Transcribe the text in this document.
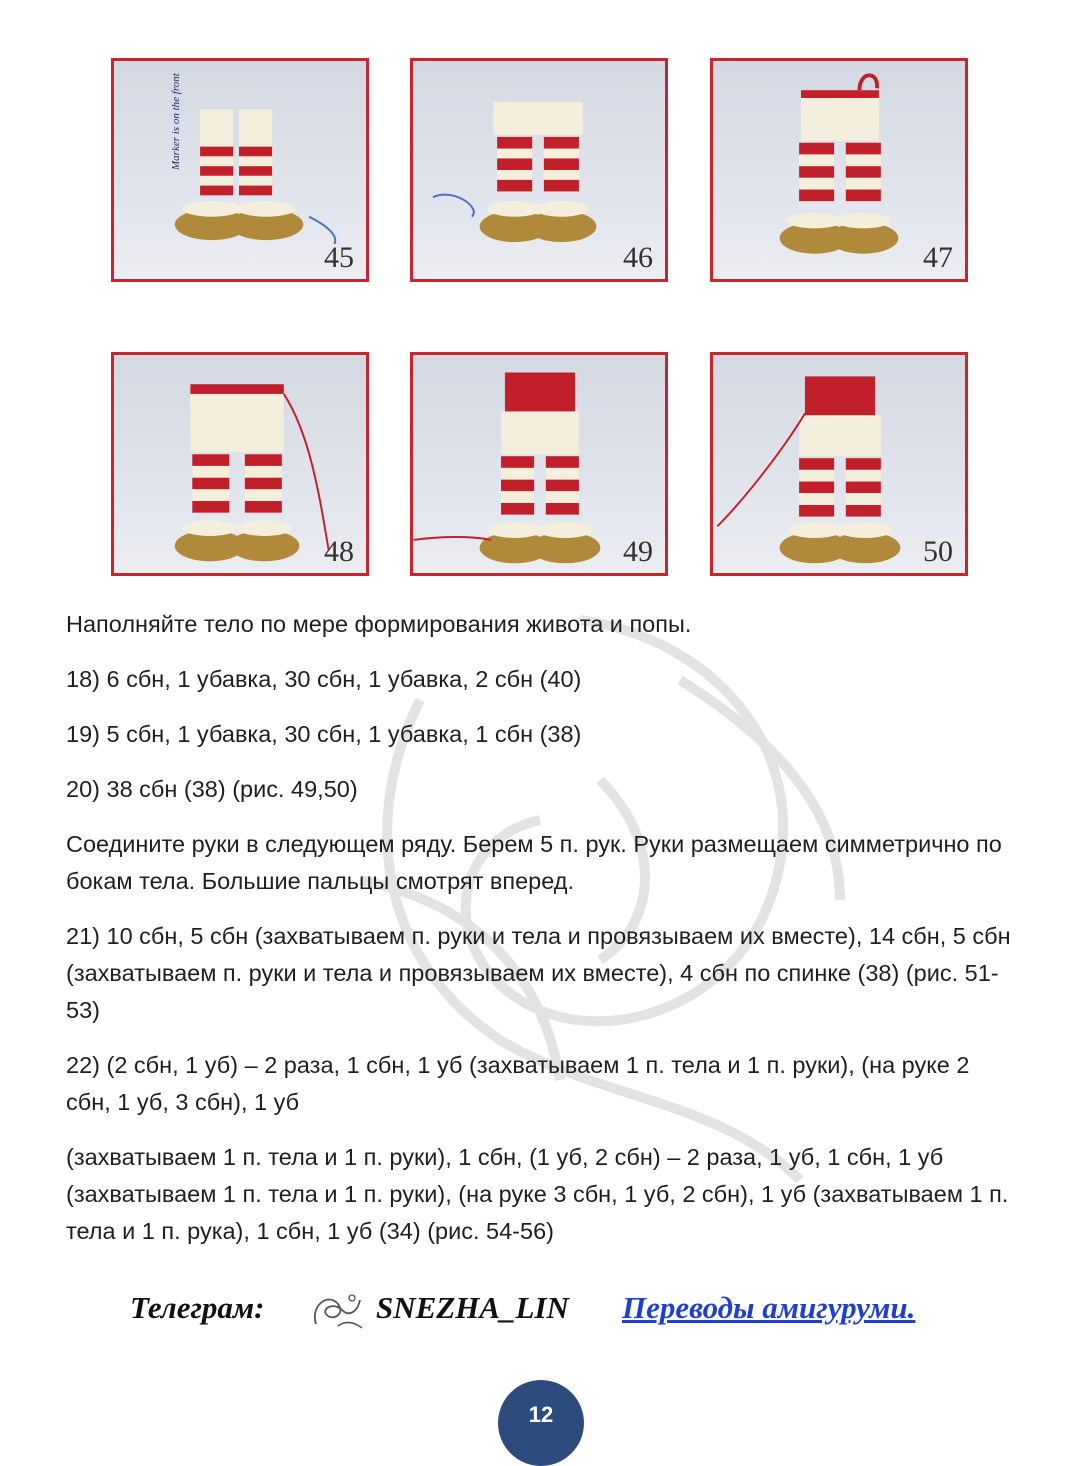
45	46	47
48	49	50
Marker is on the front

Наполняйте тело по мере формирования живота и попы.

18) 6 сбн, 1 убавка, 30 сбн, 1 убавка, 2 сбн (40)

19) 5 сбн, 1 убавка, 30 сбн, 1 убавка, 1 сбн (38)

20) 38 сбн (38) (рис. 49,50)

Соедините руки в следующем ряду. Берем 5 п. рук. Руки размещаем симметрично по бокам тела. Большие пальцы смотрят вперед.

21) 10 сбн, 5 сбн (захватываем п. руки и тела и провязываем их вместе), 14 сбн, 5 сбн (захватываем п. руки и тела и провязываем их вместе), 4 сбн по спинке (38) (рис. 51-53)

22) (2 сбн, 1 уб) – 2 раза, 1 сбн, 1 уб (захватываем 1 п. тела и 1 п. руки), (на руке 2 сбн, 1 уб, 3 сбн), 1 уб

(захватываем 1 п. тела и 1 п. руки), 1 сбн, (1 уб, 2 сбн) – 2 раза, 1 уб, 1 сбн, 1 уб (захватываем 1 п. тела и 1 п. руки), (на руке 3 сбн, 1 уб, 2 сбн), 1 уб (захватываем 1 п. тела и 1 п. рука), 1 сбн, 1 уб (34) (рис. 54-56)

Телеграм:	SNEZHA_LIN Переводы амигуруми.
12
